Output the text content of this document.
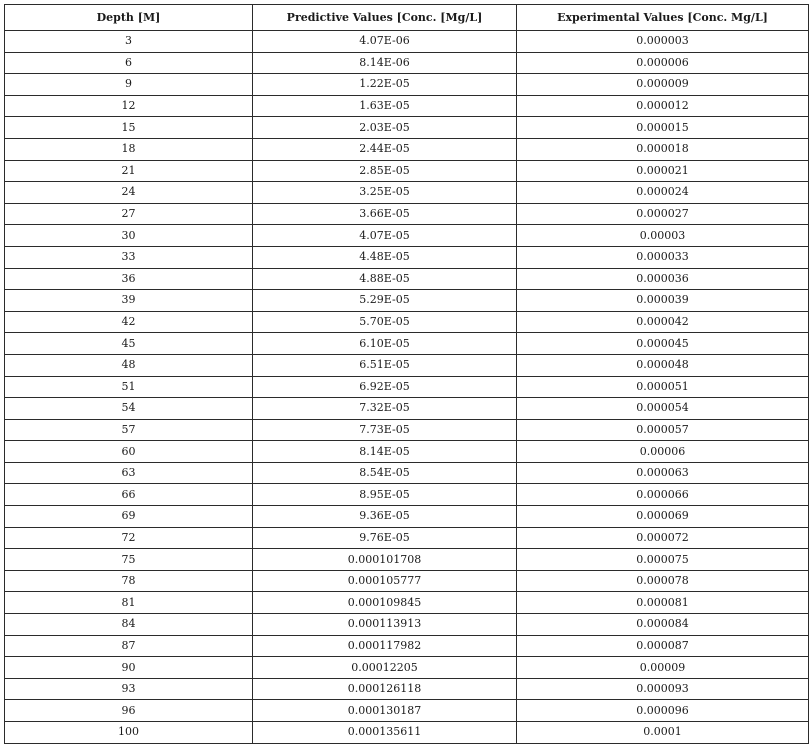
Depth [M]	Predictive Values [Conc. [Mg/L]	Experimental Values [Conc. Mg/L]
3	4.07E-06	0.000003
6	8.14E-06	0.000006
9	1.22E-05	0.000009
12	1.63E-05	0.000012
15	2.03E-05	0.000015
18	2.44E-05	0.000018
21	2.85E-05	0.000021
24	3.25E-05	0.000024
27	3.66E-05	0.000027
30	4.07E-05	0.00003
33	4.48E-05	0.000033
36	4.88E-05	0.000036
39	5.29E-05	0.000039
42	5.70E-05	0.000042
45	6.10E-05	0.000045
48	6.51E-05	0.000048
51	6.92E-05	0.000051
54	7.32E-05	0.000054
57	7.73E-05	0.000057
60	8.14E-05	0.00006
63	8.54E-05	0.000063
66	8.95E-05	0.000066
69	9.36E-05	0.000069
72	9.76E-05	0.000072
75	0.000101708	0.000075
78	0.000105777	0.000078
81	0.000109845	0.000081
84	0.000113913	0.000084
87	0.000117982	0.000087
90	0.00012205	0.00009
93	0.000126118	0.000093
96	0.000130187	0.000096
100	0.000135611	0.0001
